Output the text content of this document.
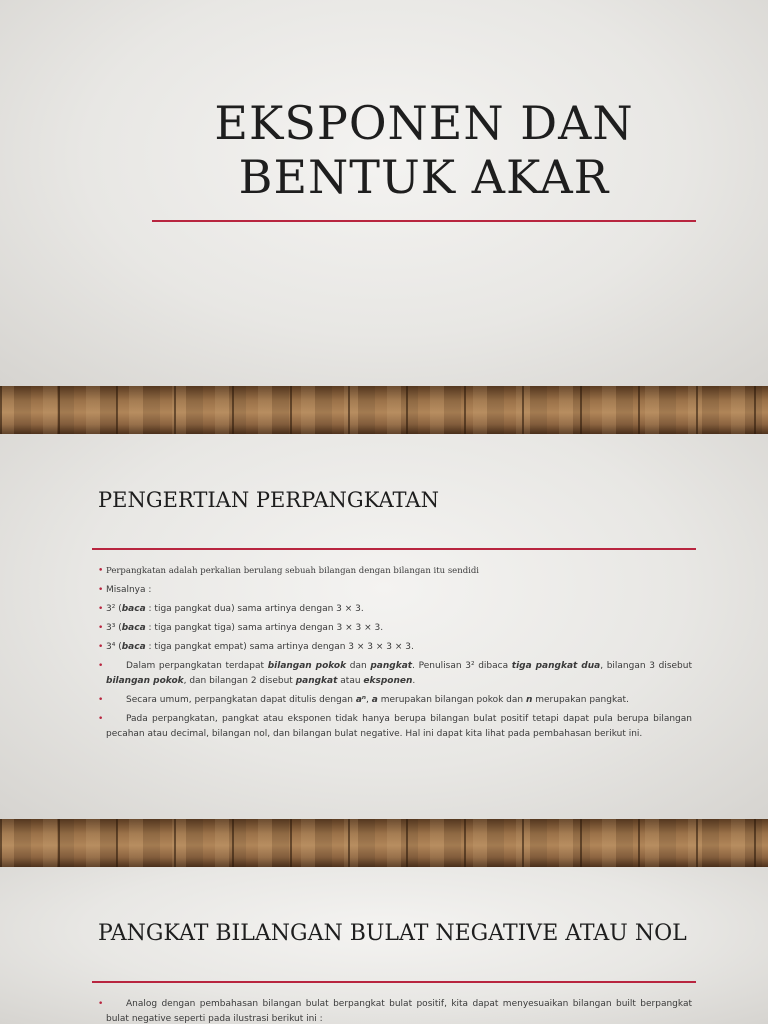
EKSPONEN DAN
BENTUK AKAR
PENGERTIAN PERPANGKATAN
• Perpangkatan adalah perkalian berulang sebuah bilangan dengan bilangan itu sendidi
• Misalnya :
• 3² (baca : tiga pangkat dua) sama artinya dengan 3 × 3.
• 3³ (baca : tiga pangkat tiga) sama artinya dengan 3 × 3 × 3.
• 3⁴ (baca : tiga pangkat empat) sama artinya dengan 3 × 3 × 3 × 3.
•	Dalam perpangkatan terdapat bilangan pokok dan pangkat. Penulisan 3² dibaca tiga pangkat dua, bilangan 3 disebut bilangan pokok, dan bilangan 2 disebut pangkat atau eksponen.
•	Secara umum, perpangkatan dapat ditulis dengan aⁿ, a merupakan bilangan pokok dan n merupakan pangkat.
•	Pada perpangkatan, pangkat atau eksponen tidak hanya berupa bilangan bulat positif tetapi dapat pula berupa bilangan pecahan atau decimal, bilangan nol, dan bilangan bulat negative. Hal ini dapat kita lihat pada pembahasan berikut ini.
PANGKAT BILANGAN BULAT NEGATIVE ATAU NOL
•	Analog dengan pembahasan bilangan bulat berpangkat bulat positif, kita dapat menyesuaikan bilangan built berpangkat bulat negative seperti pada ilustrasi berikut ini :
